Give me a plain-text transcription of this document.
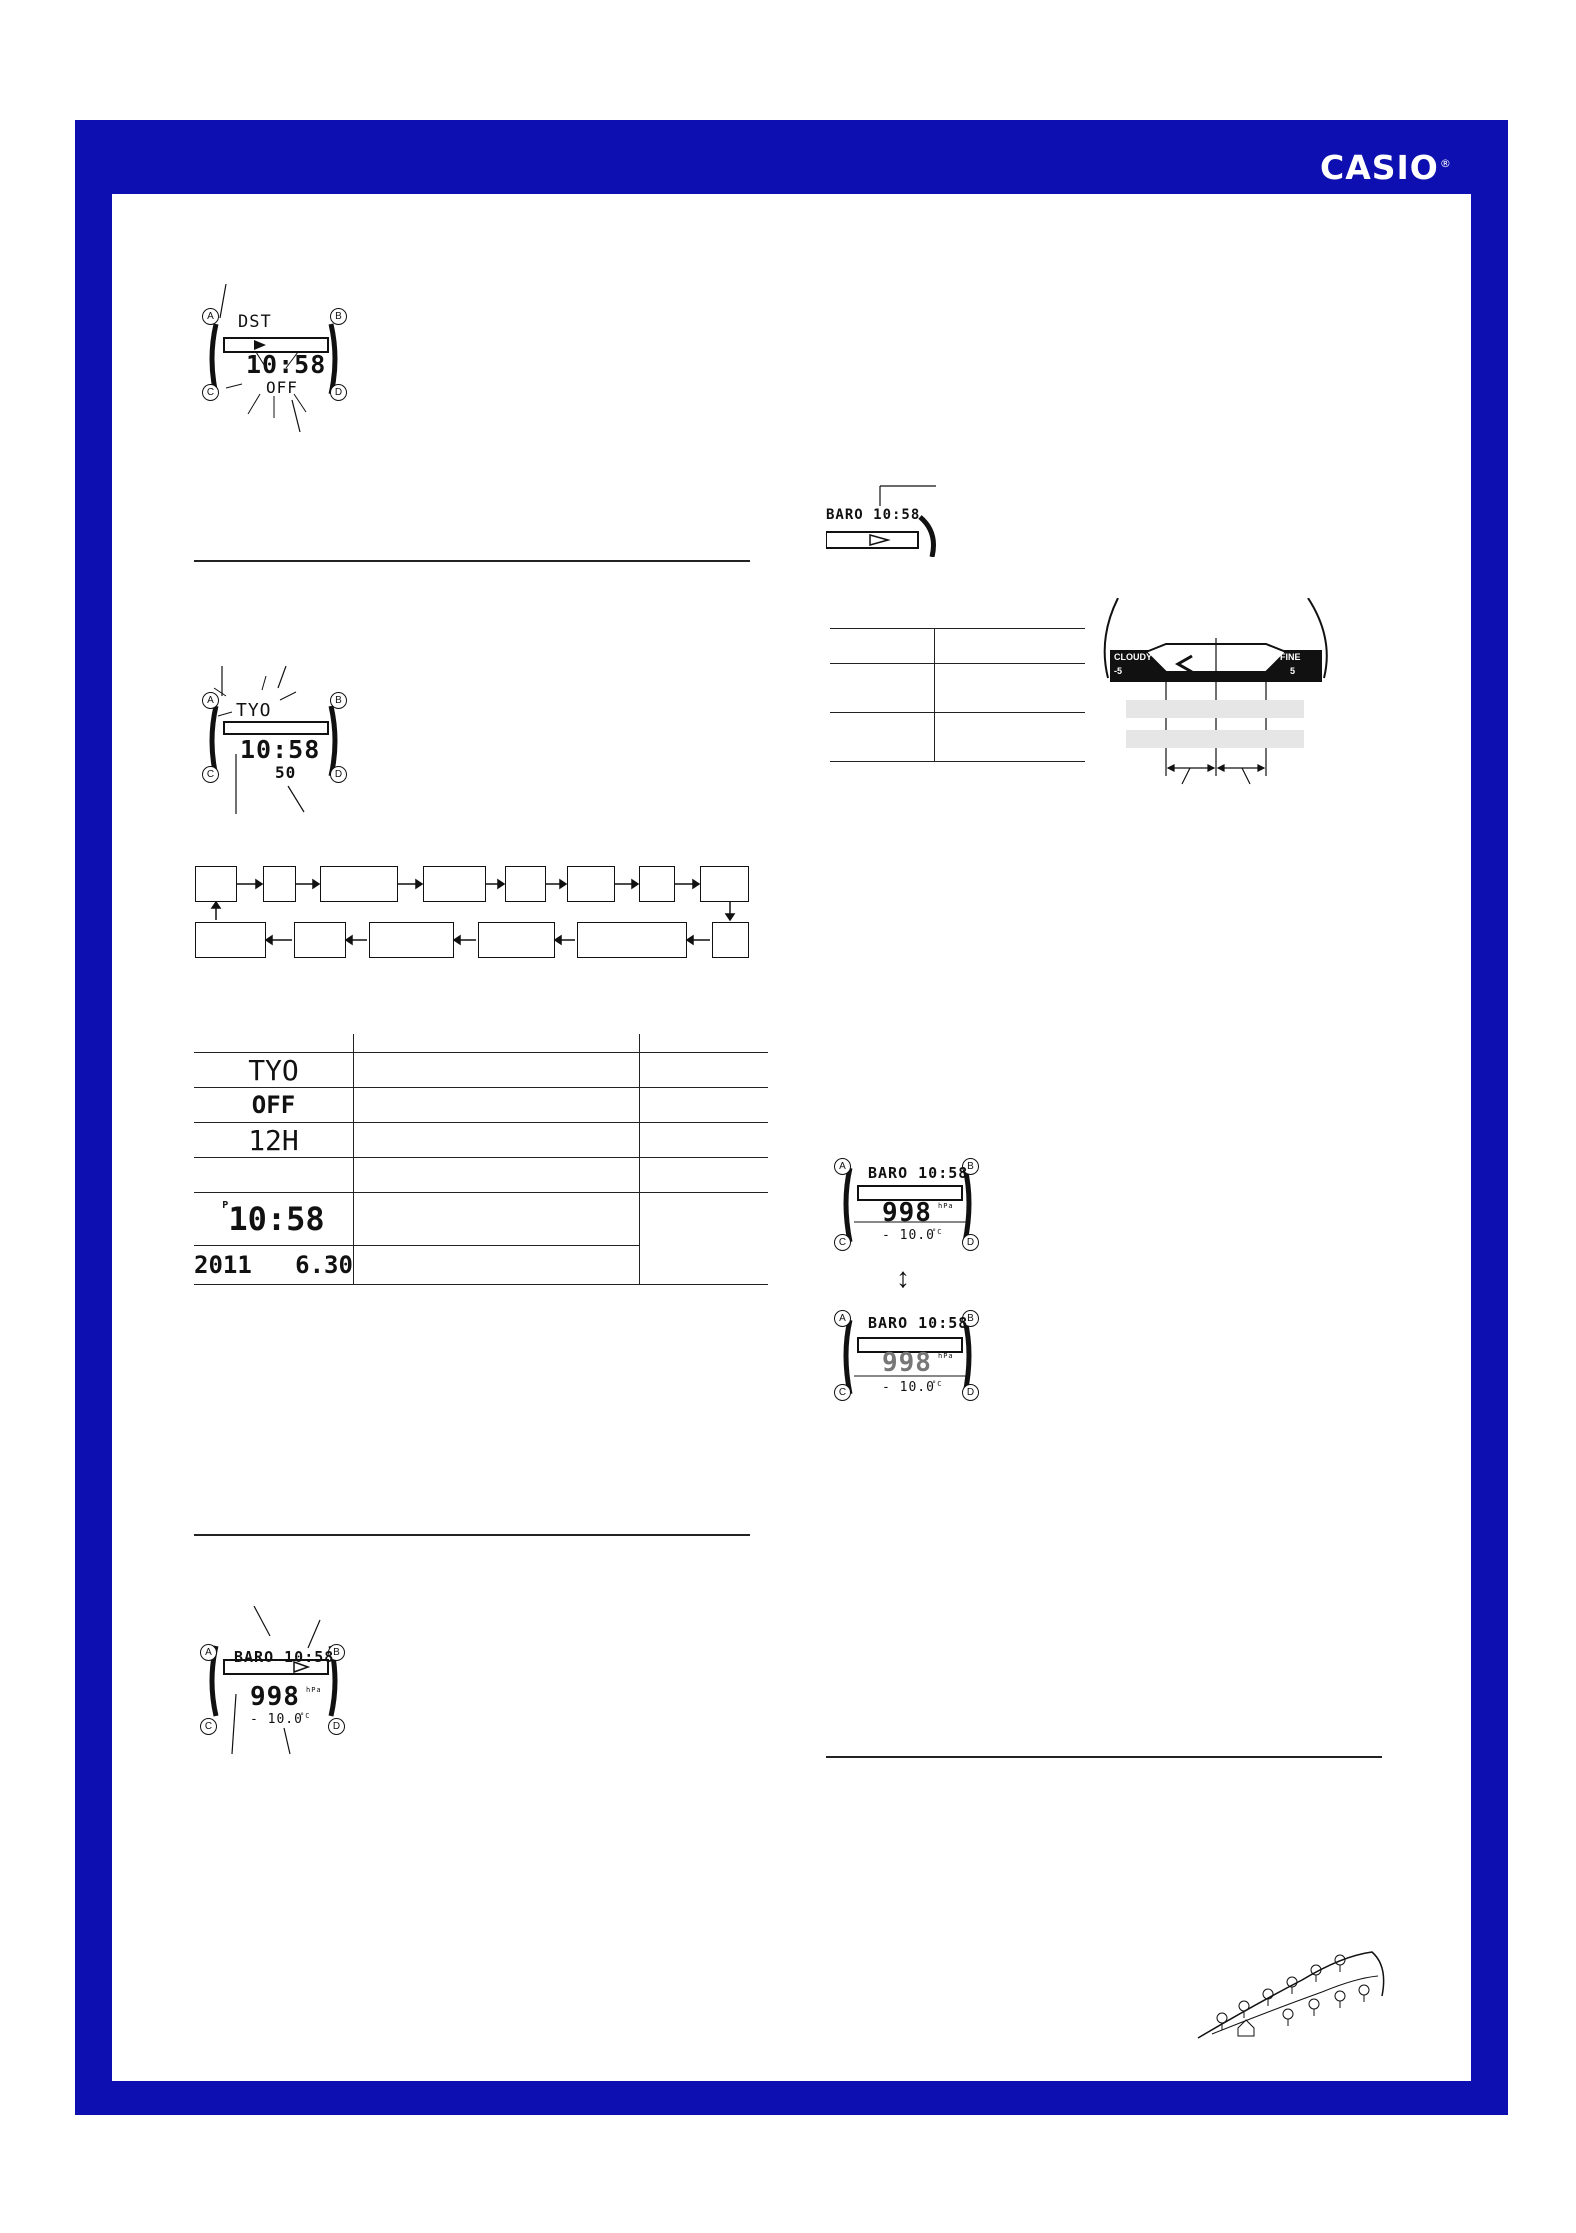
CASIO®
A	B
C	D
DST
10:58
OFF
A	B
C	D
TYO
10:58
50

TYO		
OFF		
12H		

$^P$10:58		
2011   6.30		
A	B
C	D
BARO 10:58
998 hPa
- 10.0
°C
BARO 10:58

CLOUDY	FINE
-5	5
A	B
C	D
BARO 10:58
998 hPa
- 10.0
°C
↕
A	B
C	D
BARO 10:58
998 hPa
- 10.0
°C
